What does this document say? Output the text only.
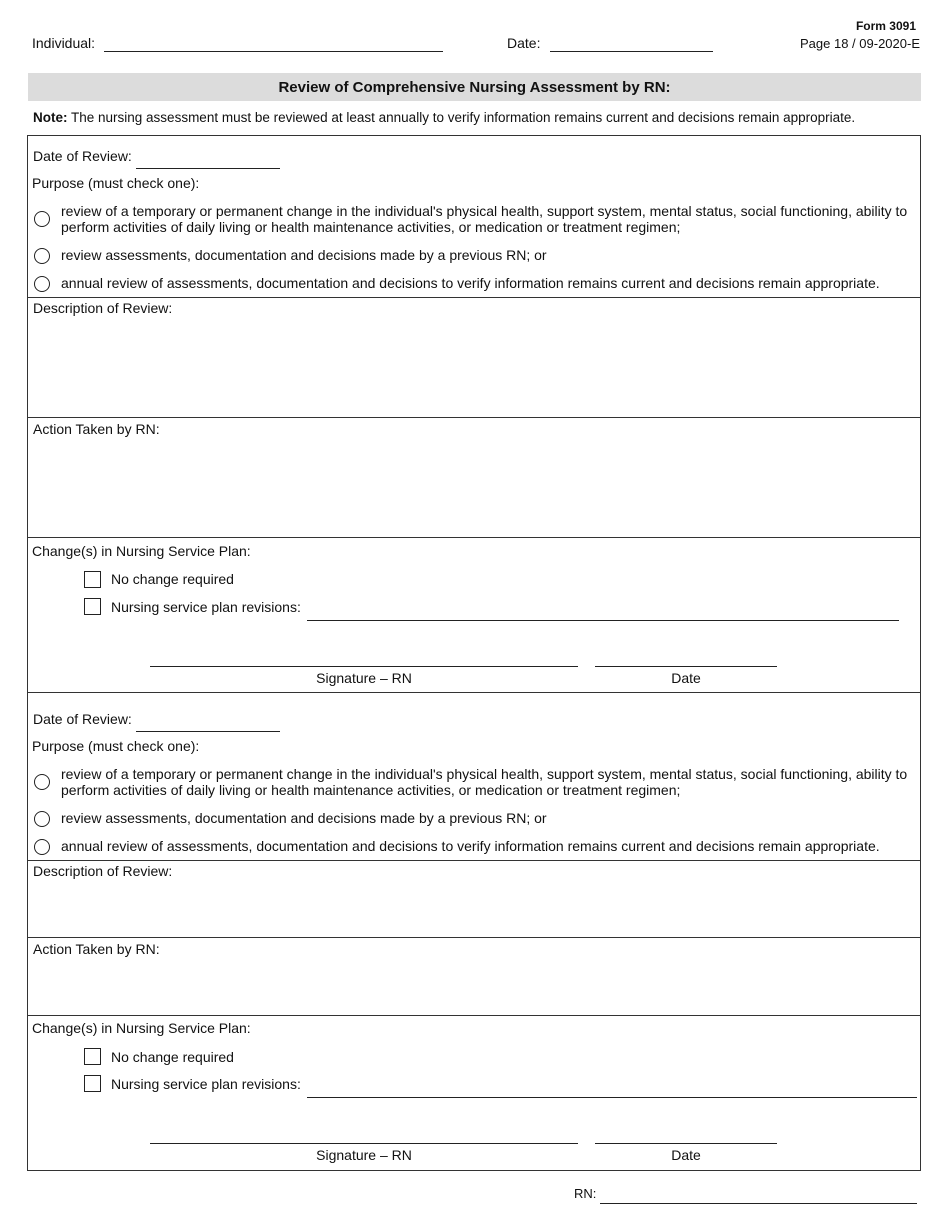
Individual:	Date:
Form 3091
Page 18 / 09-2020-E
Review of Comprehensive Nursing Assessment by RN:
Note: The nursing assessment must be reviewed at least annually to verify information remains current and decisions remain appropriate.
Date of Review:
Purpose (must check one):
review of a temporary or permanent change in the individual's physical health, support system, mental status, social functioning, ability to perform activities of daily living or health maintenance activities, or medication or treatment regimen;
review assessments, documentation and decisions made by a previous RN; or
annual review of assessments, documentation and decisions to verify information remains current and decisions remain appropriate.
Description of Review:
Action Taken by RN:
Change(s) in Nursing Service Plan:
No change required
Nursing service plan revisions:
Signature – RN	Date
Date of Review:
Purpose (must check one):
review of a temporary or permanent change in the individual's physical health, support system, mental status, social functioning, ability to perform activities of daily living or health maintenance activities, or medication or treatment regimen;
review assessments, documentation and decisions made by a previous RN; or
annual review of assessments, documentation and decisions to verify information remains current and decisions remain appropriate.
Description of Review:
Action Taken by RN:
Change(s) in Nursing Service Plan:
No change required
Nursing service plan revisions:
Signature – RN	Date
RN:
